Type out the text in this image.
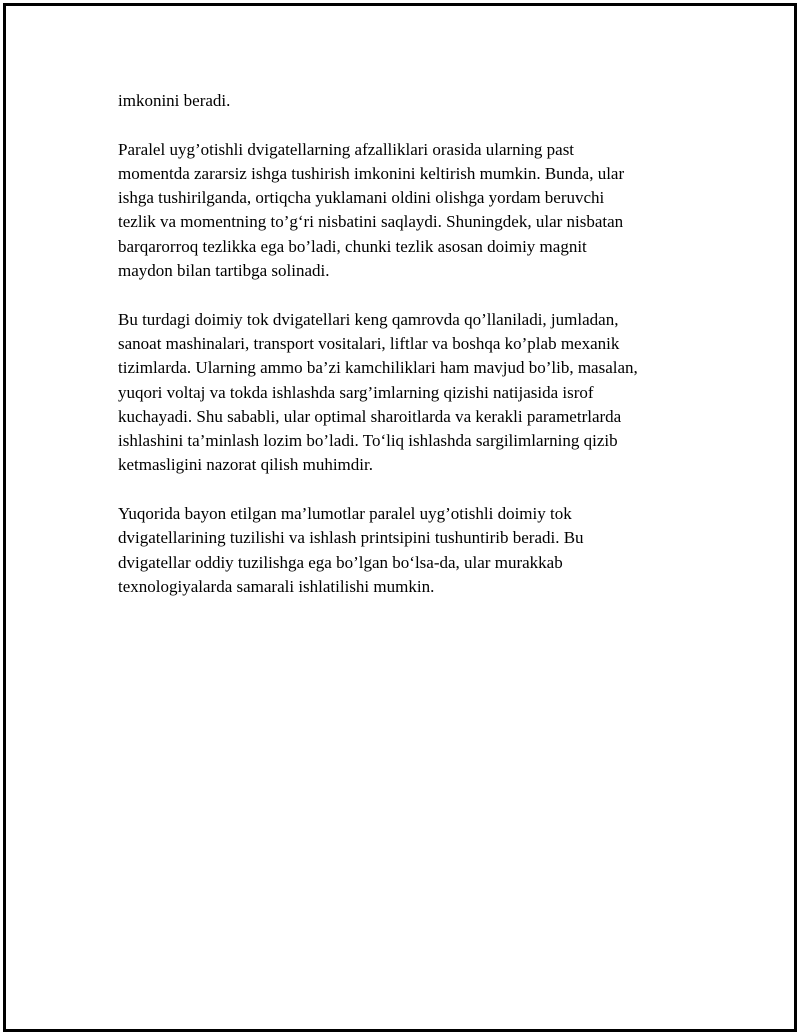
imkonini beradi.

Paralel uyg’otishli dvigatellarning afzalliklari orasida ularning past
momentda zararsiz ishga tushirish imkonini keltirish mumkin. Bunda, ular
ishga tushirilganda, ortiqcha yuklamani oldini olishga yordam beruvchi
tezlik va momentning to’g‘ri nisbatini saqlaydi. Shuningdek, ular nisbatan
barqarorroq tezlikka ega bo’ladi, chunki tezlik asosan doimiy magnit
maydon bilan tartibga solinadi.

Bu turdagi doimiy tok dvigatellari keng qamrovda qo’llaniladi, jumladan,
sanoat mashinalari, transport vositalari, liftlar va boshqa ko’plab mexanik
tizimlarda. Ularning ammo ba’zi kamchiliklari ham mavjud bo’lib, masalan,
yuqori voltaj va tokda ishlashda sarg’imlarning qizishi natijasida isrof
kuchayadi. Shu sababli, ular optimal sharoitlarda va kerakli parametrlarda
ishlashini ta’minlash lozim bo’ladi. To‘liq ishlashda sargilimlarning qizib
ketmasligini nazorat qilish muhimdir.

Yuqorida bayon etilgan ma’lumotlar paralel uyg’otishli doimiy tok
dvigatellarining tuzilishi va ishlash printsipini tushuntirib beradi. Bu
dvigatellar oddiy tuzilishga ega bo’lgan bo‘lsa-da, ular murakkab
texnologiyalarda samarali ishlatilishi mumkin.
